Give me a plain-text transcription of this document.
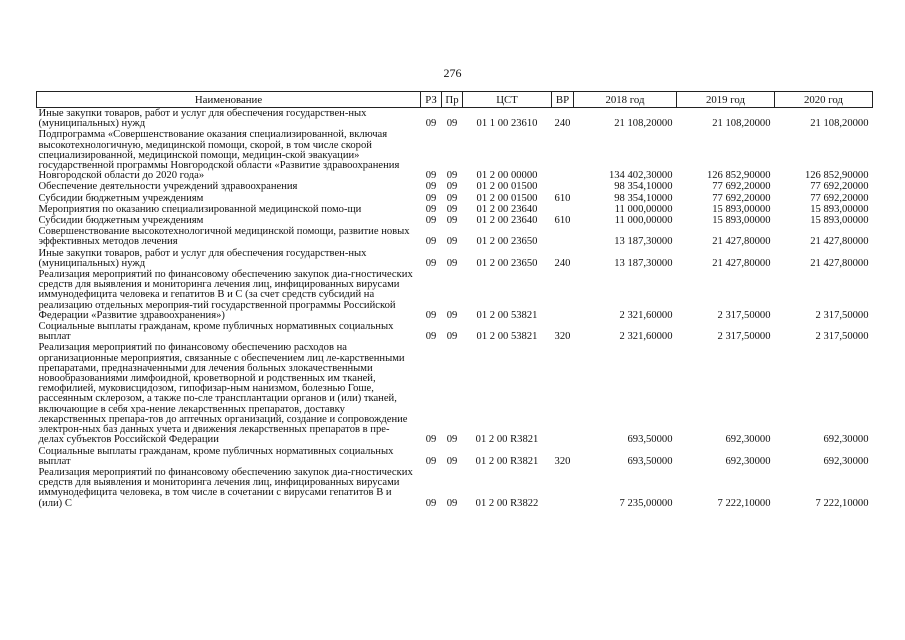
276
Наименование	РЗ	Пр	ЦСТ	ВР	2018 год	2019 год	2020 год
Иные закупки товаров, работ и услуг для обеспечения государствен-ных (муниципальных) нужд	09	09	01 1 00 23610	240	21 108,20000	21 108,20000	21 108,20000
Подпрограмма «Совершенствование оказания специализированной, включая высокотехнологичную, медицинской помощи, скорой, в том числе скорой специализированной, медицинской помощи, медицин-ской эвакуации» государственной программы Новгородской области «Развитие здравоохранения Новгородской области до 2020 года»	09	09	01 2 00 00000		134 402,30000	126 852,90000	126 852,90000
Обеспечение деятельности учреждений здравоохранения	09	09	01 2 00 01500		98 354,10000	77 692,20000	77 692,20000
Субсидии бюджетным учреждениям	09	09	01 2 00 01500	610	98 354,10000	77 692,20000	77 692,20000
Мероприятия по оказанию специализированной медицинской помо-щи	09	09	01 2 00 23640		11 000,00000	15 893,00000	15 893,00000
Субсидии бюджетным учреждениям	09	09	01 2 00 23640	610	11 000,00000	15 893,00000	15 893,00000
Совершенствование высокотехнологичной медицинской помощи, развитие новых эффективных методов лечения	09	09	01 2 00 23650		13 187,30000	21 427,80000	21 427,80000
Иные закупки товаров, работ и услуг для обеспечения государствен-ных (муниципальных) нужд	09	09	01 2 00 23650	240	13 187,30000	21 427,80000	21 427,80000
Реализация мероприятий по финансовому обеспечению закупок диа-гностических средств для выявления и мониторинга лечения лиц, инфицированных вирусами иммунодефицита человека и гепатитов В и С (за счет средств субсидий на реализацию отдельных мероприя-тий государственной программы Российской Федерации «Развитие здравоохранения»)	09	09	01 2 00 53821		2 321,60000	2 317,50000	2 317,50000
Социальные выплаты гражданам, кроме публичных нормативных социальных выплат	09	09	01 2 00 53821	320	2 321,60000	2 317,50000	2 317,50000
Реализация мероприятий по финансовому обеспечению расходов на организационные мероприятия, связанные с обеспечением лиц ле-карственными препаратами, предназначенными для лечения больных злокачественными новообразованиями лимфоидной, кроветворной и родственных им тканей, гемофилией, муковисцидозом, гипофизар-ным нанизмом, болезнью Гоше, рассеянным склерозом, а также по-сле трансплантации органов и (или) тканей, включающие в себя хра-нение лекарственных препаратов, доставку лекарственных препара-тов до аптечных организаций, создание и сопровождение электрон-ных баз данных учета и движения лекарственных препаратов в пре-делах субъектов Российской Федерации	09	09	01 2 00 R3821		693,50000	692,30000	692,30000
Социальные выплаты гражданам, кроме публичных нормативных социальных выплат	09	09	01 2 00 R3821	320	693,50000	692,30000	692,30000
Реализация мероприятий по финансовому обеспечению закупок диа-гностических средств для выявления и мониторинга лечения лиц, инфицированных вирусами иммунодефицита человека, в том числе в сочетании с вирусами гепатитов В и (или) С	09	09	01 2 00 R3822		7 235,00000	7 222,10000	7 222,10000
